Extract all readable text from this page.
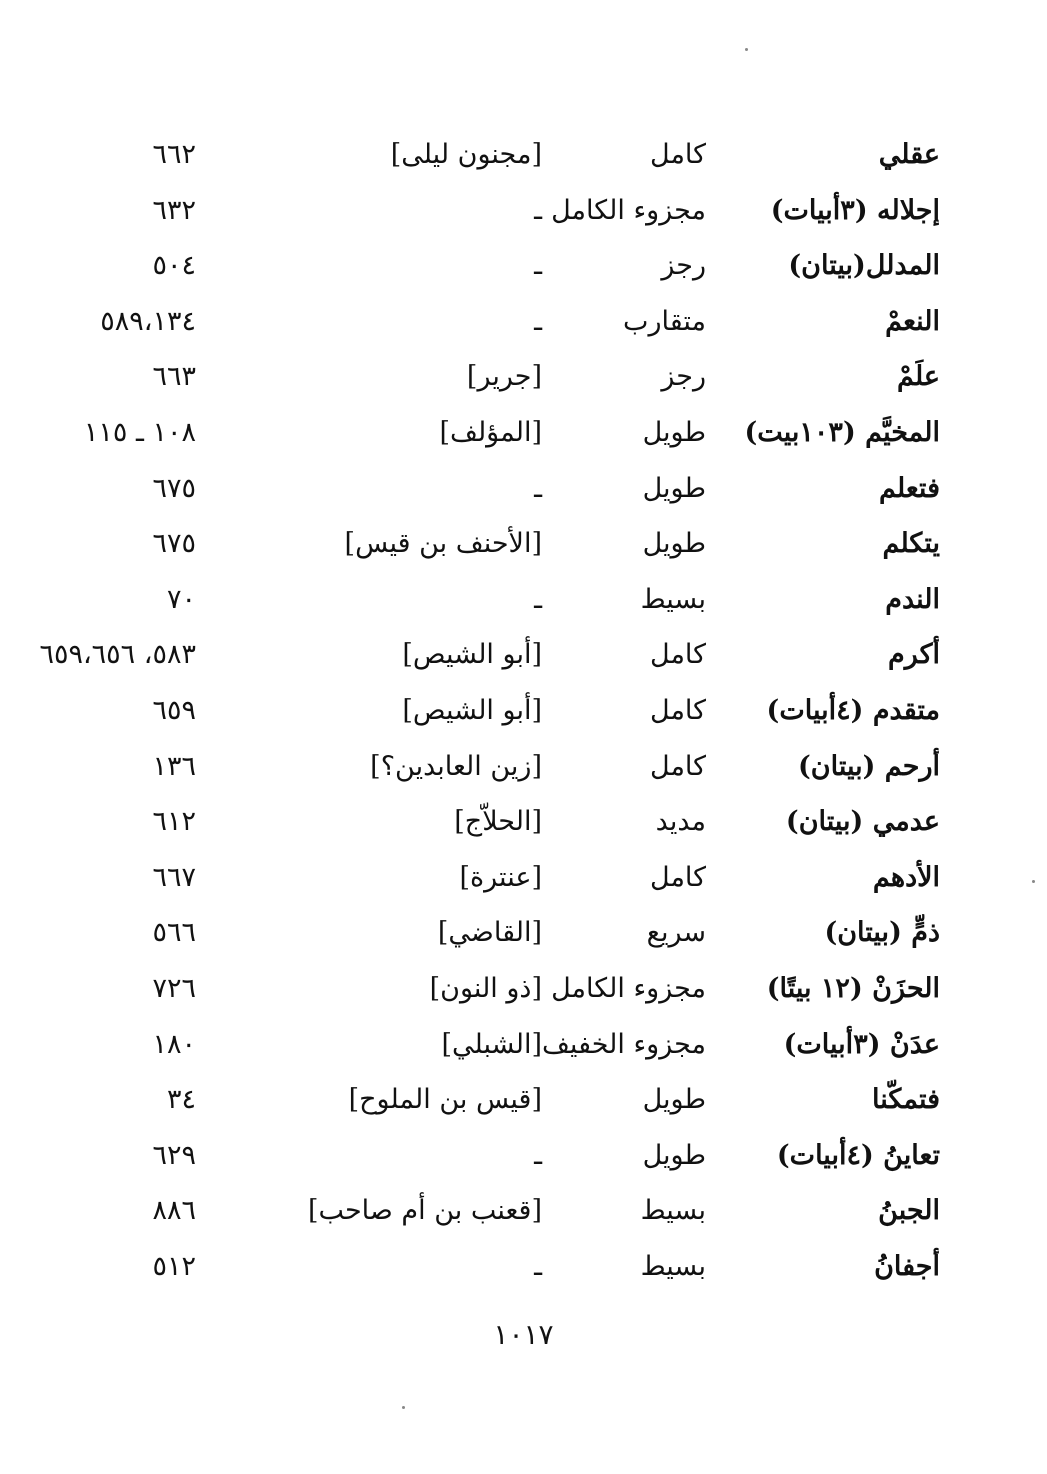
عقلي
كامل
[مجنون ليلى]
٦٦٢
إجلاله (٣أبيات)
مجزوء الكامل
ـ
٦٣٢
المدلل(بيتان)
رجز
ـ
٥٠٤
النعمْ
متقارب
ـ
٥٨٩،١٣٤
علَمْ
رجز
[جرير]
٦٦٣
المخيَّم (١٠٣بيت)
طويل
[المؤلف]
١٠٨ ـ ١١٥
فتعلم
طويل
ـ
٦٧٥
يتكلم
طويل
[الأحنف بن قيس]
٦٧٥
الندم
بسيط
ـ
٧٠
أكرم
كامل
[أبو الشيص]
٥٨٣، ٦٥٩،٦٥٦
متقدم (٤أبيات)
كامل
[أبو الشيص]
٦٥٩
أرحم (بيتان)
كامل
[زين العابدين؟]
١٣٦
عدمي (بيتان)
مديد
[الحلاّج]
٦١٢
الأدهم
كامل
[عنترة]
٦٦٧
ذمٍّ (بيتان)
سريع
[القاضي]
٥٦٦
الحزَنْ (١٢ بيتًا)
مجزوء الكامل
[ذو النون]
٧٢٦
عدَنْ (٣أبيات)
مجزوء الخفيف
[الشبلي]
١٨٠
فتمكّنا
طويل
[قيس بن الملوح]
٣٤
تعاينُ (٤أبيات)
طويل
ـ
٦٢٩
الجبنُ
بسيط
[قعنب بن أم صاحب]
٨٨٦
أجفانُ
بسيط
ـ
٥١٢
١٠١٧
